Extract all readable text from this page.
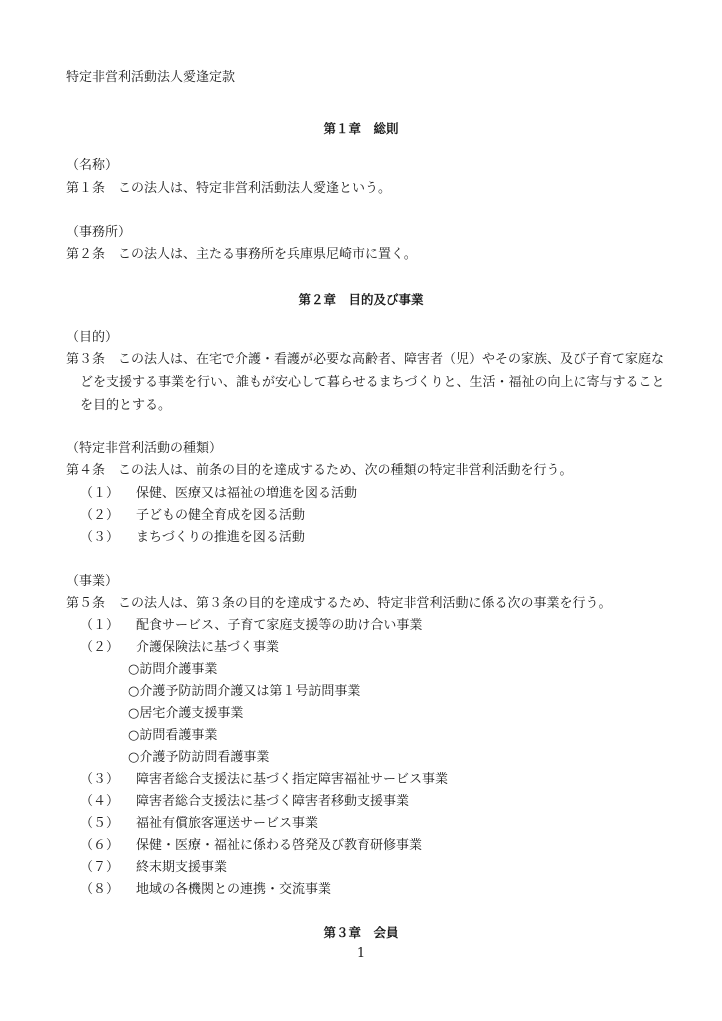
特定非営利活動法人愛逢定款
第１章　総則
（名称）
第１条　この法人は、特定非営利活動法人愛逢という。
（事務所）
第２条　この法人は、主たる事務所を兵庫県尼崎市に置く。
第２章　目的及び事業
（目的）
第３条　この法人は、在宅で介護・看護が必要な高齢者、障害者（児）やその家族、及び子育て家庭な
どを支援する事業を行い、誰もが安心して暮らせるまちづくりと、生活・福祉の向上に寄与すること
を目的とする。
（特定非営利活動の種類）
第４条　この法人は、前条の目的を達成するため、次の種類の特定非営利活動を行う。
（１） 保健、医療又は福祉の増進を図る活動
（２） 子どもの健全育成を図る活動
（３） まちづくりの推進を図る活動
（事業）
第５条　この法人は、第３条の目的を達成するため、特定非営利活動に係る次の事業を行う。
（１） 配食サービス、子育て家庭支援等の助け合い事業
（２） 介護保険法に基づく事業
○訪問介護事業
○介護予防訪問介護又は第１号訪問事業
○居宅介護支援事業
○訪問看護事業
○介護予防訪問看護事業
（３） 障害者総合支援法に基づく指定障害福祉サービス事業
（４） 障害者総合支援法に基づく障害者移動支援事業
（５） 福祉有償旅客運送サービス事業
（６） 保健・医療・福祉に係わる啓発及び教育研修事業
（７） 終末期支援事業
（８） 地域の各機関との連携・交流事業
第３章　会員
1
